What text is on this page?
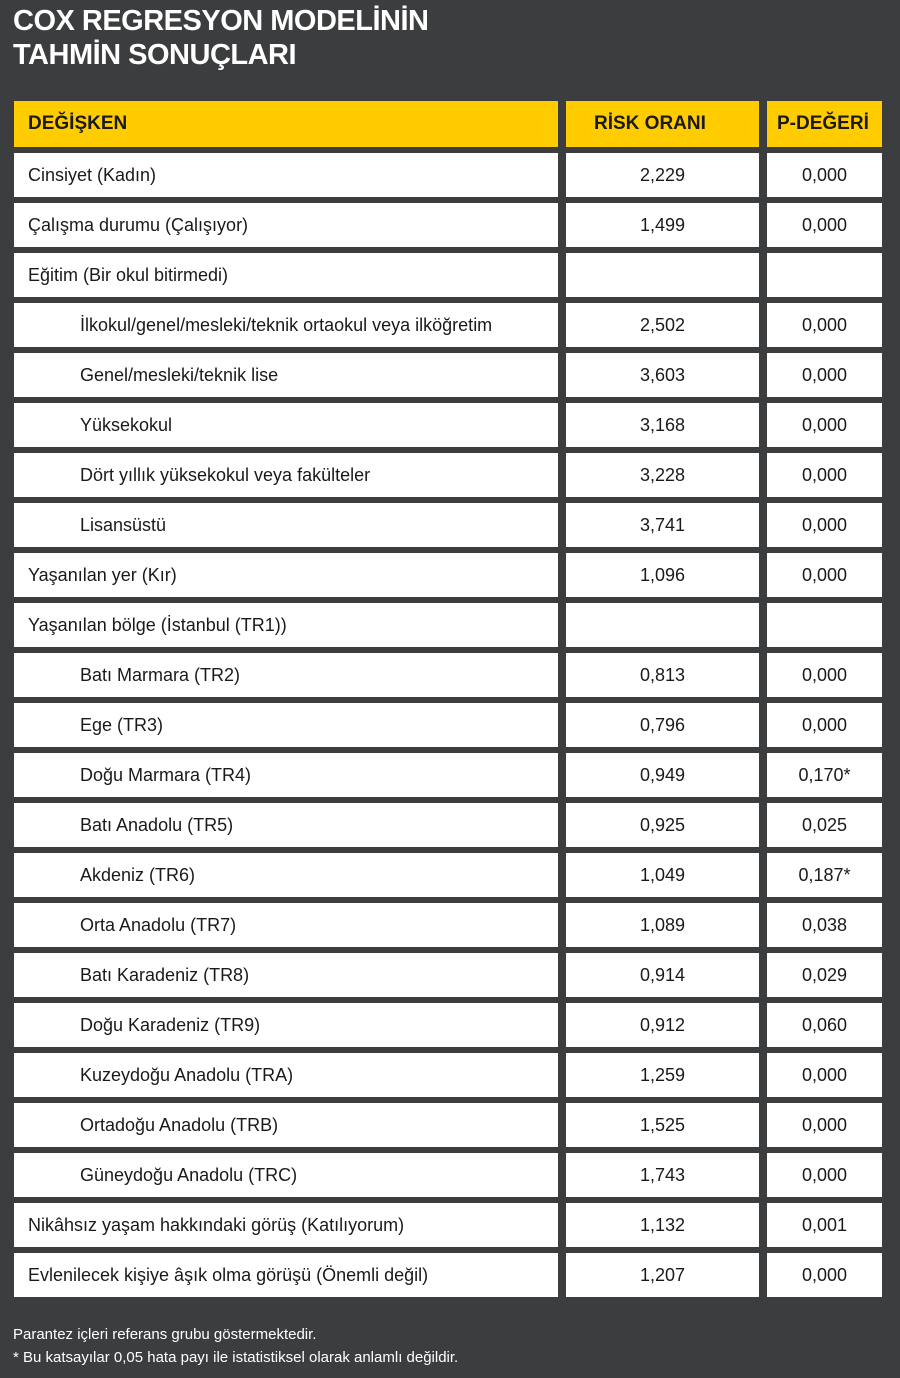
COX REGRESYON MODELİNİN
TAHMİN SONUÇLARI
DEĞİŞKEN	RİSK ORANI	P-DEĞERİ
Cinsiyet (Kadın)	2,229	0,000
Çalışma durumu (Çalışıyor)	1,499	0,000
Eğitim (Bir okul bitirmedi)
İlkokul/genel/mesleki/teknik ortaokul veya ilköğretim	2,502	0,000
Genel/mesleki/teknik lise	3,603	0,000
Yüksekokul	3,168	0,000
Dört yıllık yüksekokul veya fakülteler	3,228	0,000
Lisansüstü	3,741	0,000
Yaşanılan yer (Kır)	1,096	0,000
Yaşanılan bölge (İstanbul (TR1))
Batı Marmara (TR2)	0,813	0,000
Ege (TR3)	0,796	0,000
Doğu Marmara (TR4)	0,949	0,170*
Batı Anadolu (TR5)	0,925	0,025
Akdeniz (TR6)	1,049	0,187*
Orta Anadolu (TR7)	1,089	0,038
Batı Karadeniz (TR8)	0,914	0,029
Doğu Karadeniz (TR9)	0,912	0,060
Kuzeydoğu Anadolu (TRA)	1,259	0,000
Ortadoğu Anadolu (TRB)	1,525	0,000
Güneydoğu Anadolu (TRC)	1,743	0,000
Nikâhsız yaşam hakkındaki görüş (Katılıyorum)	1,132	0,001
Evlenilecek kişiye âşık olma görüşü (Önemli değil)	1,207	0,000
Parantez içleri referans grubu göstermektedir.
* Bu katsayılar 0,05 hata payı ile istatistiksel olarak anlamlı değildir.
